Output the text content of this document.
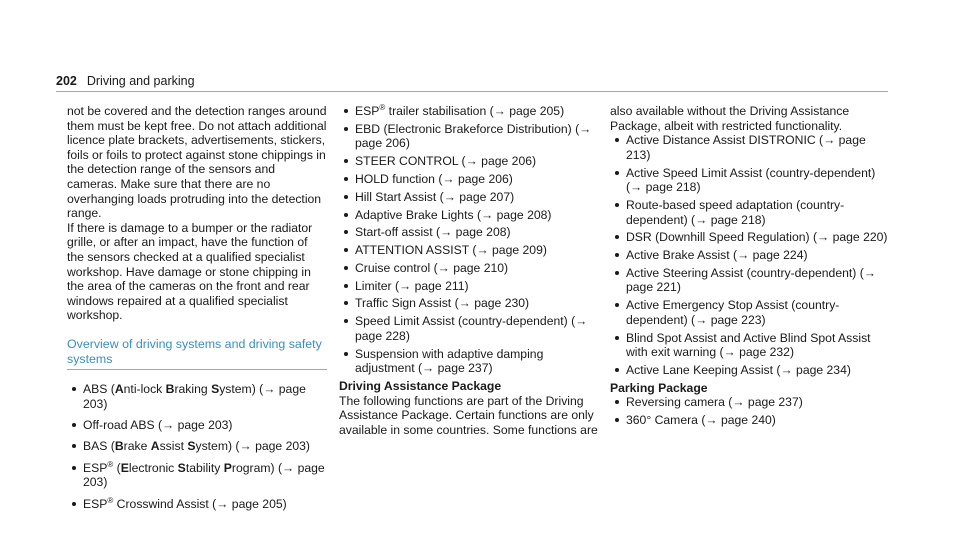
202 Driving and parking

not be covered and the detection ranges around them must be kept free. Do not attach additional licence plate brackets, advertisements, stickers, foils or foils to protect against stone chippings in the detection range of the sensors and cameras. Make sure that there are no overhanging loads protruding into the detection range.

If there is damage to a bumper or the radiator grille, or after an impact, have the function of the sensors checked at a qualified specialist workshop. Have damage or stone chipping in the area of the cameras on the front and rear windows repaired at a qualified specialist workshop.

Overview of driving systems and driving safety systems
ABS (Anti-lock Braking System) (→ page 203)
Off-road ABS (→ page 203)
BAS (Brake Assist System) (→ page 203)
ESP® (Electronic Stability Program) (→ page 203)
ESP® Crosswind Assist (→ page 205)
ESP® trailer stabilisation (→ page 205)
EBD (Electronic Brakeforce Distribution) (→ page 206)
STEER CONTROL (→ page 206)
HOLD function (→ page 206)
Hill Start Assist (→ page 207)
Adaptive Brake Lights (→ page 208)
Start-off assist (→ page 208)
ATTENTION ASSIST (→ page 209)
Cruise control (→ page 210)
Limiter (→ page 211)
Traffic Sign Assist (→ page 230)
Speed Limit Assist (country-dependent) (→ page 228)
Suspension with adaptive damping adjustment (→ page 237)
Driving Assistance Package

The following functions are part of the Driving Assistance Package. Certain functions are only available in some countries. Some functions are

also available without the Driving Assistance Package, albeit with restricted functionality.

Active Distance Assist DISTRONIC (→ page 213)
Active Speed Limit Assist (country-dependent) (→ page 218)
Route-based speed adaptation (country-dependent) (→ page 218)
DSR (Downhill Speed Regulation) (→ page 220)
Active Brake Assist (→ page 224)
Active Steering Assist (country-dependent) (→ page 221)
Active Emergency Stop Assist (country-dependent) (→ page 223)
Blind Spot Assist and Active Blind Spot Assist with exit warning (→ page 232)
Active Lane Keeping Assist (→ page 234)
Parking Package
Reversing camera (→ page 237)
360° Camera (→ page 240)
